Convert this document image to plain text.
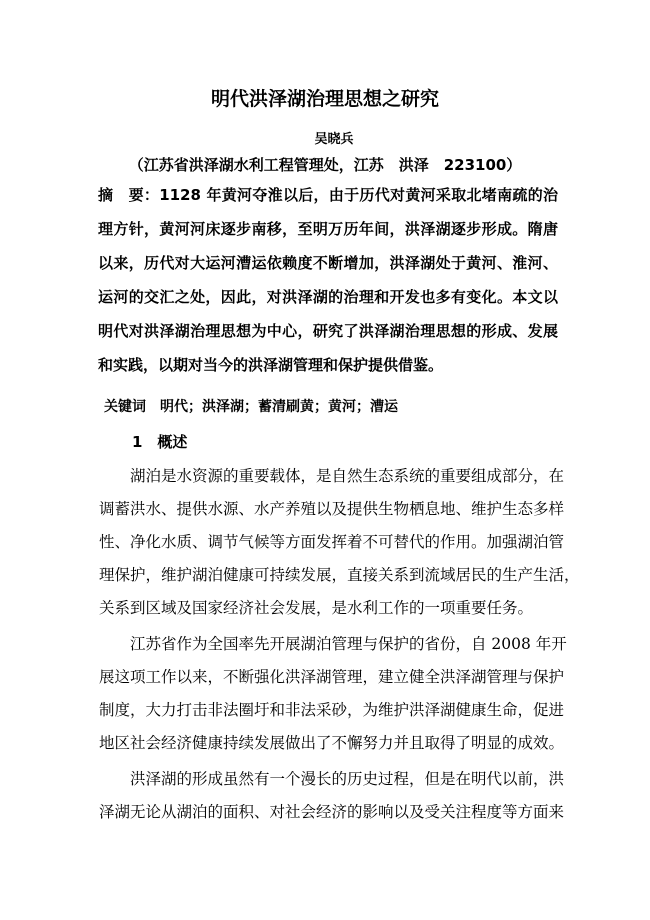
明代洪泽湖治理思想之研究
吴晓兵
（江苏省洪泽湖水利工程管理处，江苏　洪泽　223100）
摘　要：1128 年黄河夺淮以后，由于历代对黄河采取北堵南疏的治
理方针，黄河河床逐步南移，至明万历年间，洪泽湖逐步形成。隋唐
以来，历代对大运河漕运依赖度不断增加，洪泽湖处于黄河、淮河、
运河的交汇之处，因此，对洪泽湖的治理和开发也多有变化。本文以
明代对洪泽湖治理思想为中心，研究了洪泽湖治理思想的形成、发展
和实践，以期对当今的洪泽湖管理和保护提供借鉴。
关键词　明代；洪泽湖；蓄清刷黄；黄河；漕运
1　概述
　　湖泊是水资源的重要载体，是自然生态系统的重要组成部分，在
调蓄洪水、提供水源、水产养殖以及提供生物栖息地、维护生态多样
性、净化水质、调节气候等方面发挥着不可替代的作用。加强湖泊管
理保护，维护湖泊健康可持续发展，直接关系到流域居民的生产生活，
关系到区域及国家经济社会发展，是水利工作的一项重要任务。
　　江苏省作为全国率先开展湖泊管理与保护的省份，自 2008 年开
展这项工作以来，不断强化洪泽湖管理，建立健全洪泽湖管理与保护
制度，大力打击非法圈圩和非法采砂，为维护洪泽湖健康生命，促进
地区社会经济健康持续发展做出了不懈努力并且取得了明显的成效。
　　洪泽湖的形成虽然有一个漫长的历史过程，但是在明代以前，洪
泽湖无论从湖泊的面积、对社会经济的影响以及受关注程度等方面来
